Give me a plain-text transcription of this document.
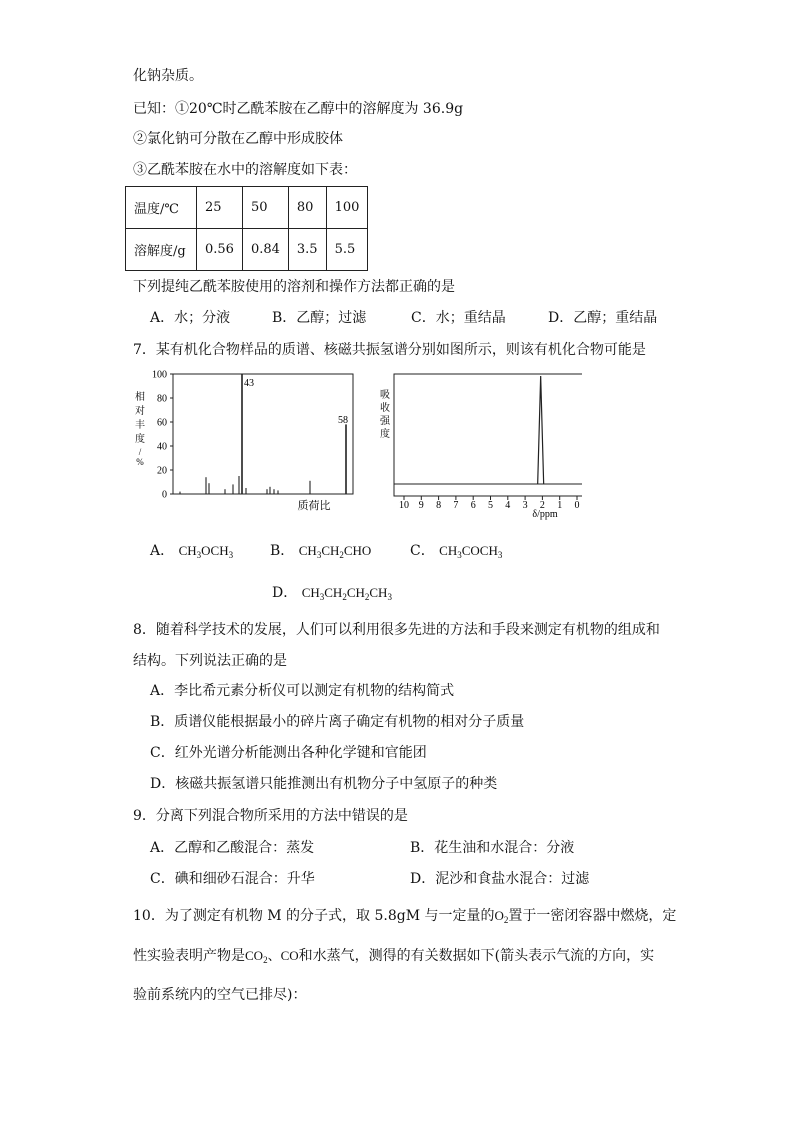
化钠杂质。
已知：①20℃时乙酰苯胺在乙醇中的溶解度为 36.9g
②氯化钠可分散在乙醇中形成胶体
③乙酰苯胺在水中的溶解度如下表：
温度/℃	25	50	80	100
溶解度/g	0.56	0.84	3.5	5.5
下列提纯乙酰苯胺使用的溶剂和操作方法都正确的是
A．水；分液	B．乙醇；过滤	C．水；重结晶	D．乙醇；重结晶
7．某有机化合物样品的质谱、核磁共振氢谱分别如图所示，则该有机化合物可能是
100
80
60
40
20
0
43
58
相
对
丰
度
/
%
质荷比	10 9 8 7 6 5 4 3 2 1 0
吸
收
强
度
δ/ppm
A． $CH_3OCH_3$	B． $CH_3CH_2CHO$	C． $CH_3COCH_3$
D． $CH_3CH_2CH_2CH_3$
8．随着科学技术的发展，人们可以利用很多先进的方法和手段来测定有机物的组成和
结构。下列说法正确的是
A．李比希元素分析仪可以测定有机物的结构简式
B．质谱仪能根据最小的碎片离子确定有机物的相对分子质量
C．红外光谱分析能测出各种化学键和官能团
D．核磁共振氢谱只能推测出有机物分子中氢原子的种类
9．分离下列混合物所采用的方法中错误的是
A．乙醇和乙酸混合：蒸发	B．花生油和水混合：分液
C．碘和细砂石混合：升华	D．泥沙和食盐水混合：过滤
10．为了测定有机物 M 的分子式，取 5.8gM 与一定量的$O_2$置于一密闭容器中燃烧，定
性实验表明产物是$CO_2$、CO和水蒸气，测得的有关数据如下(箭头表示气流的方向，实
验前系统内的空气已排尽)：
